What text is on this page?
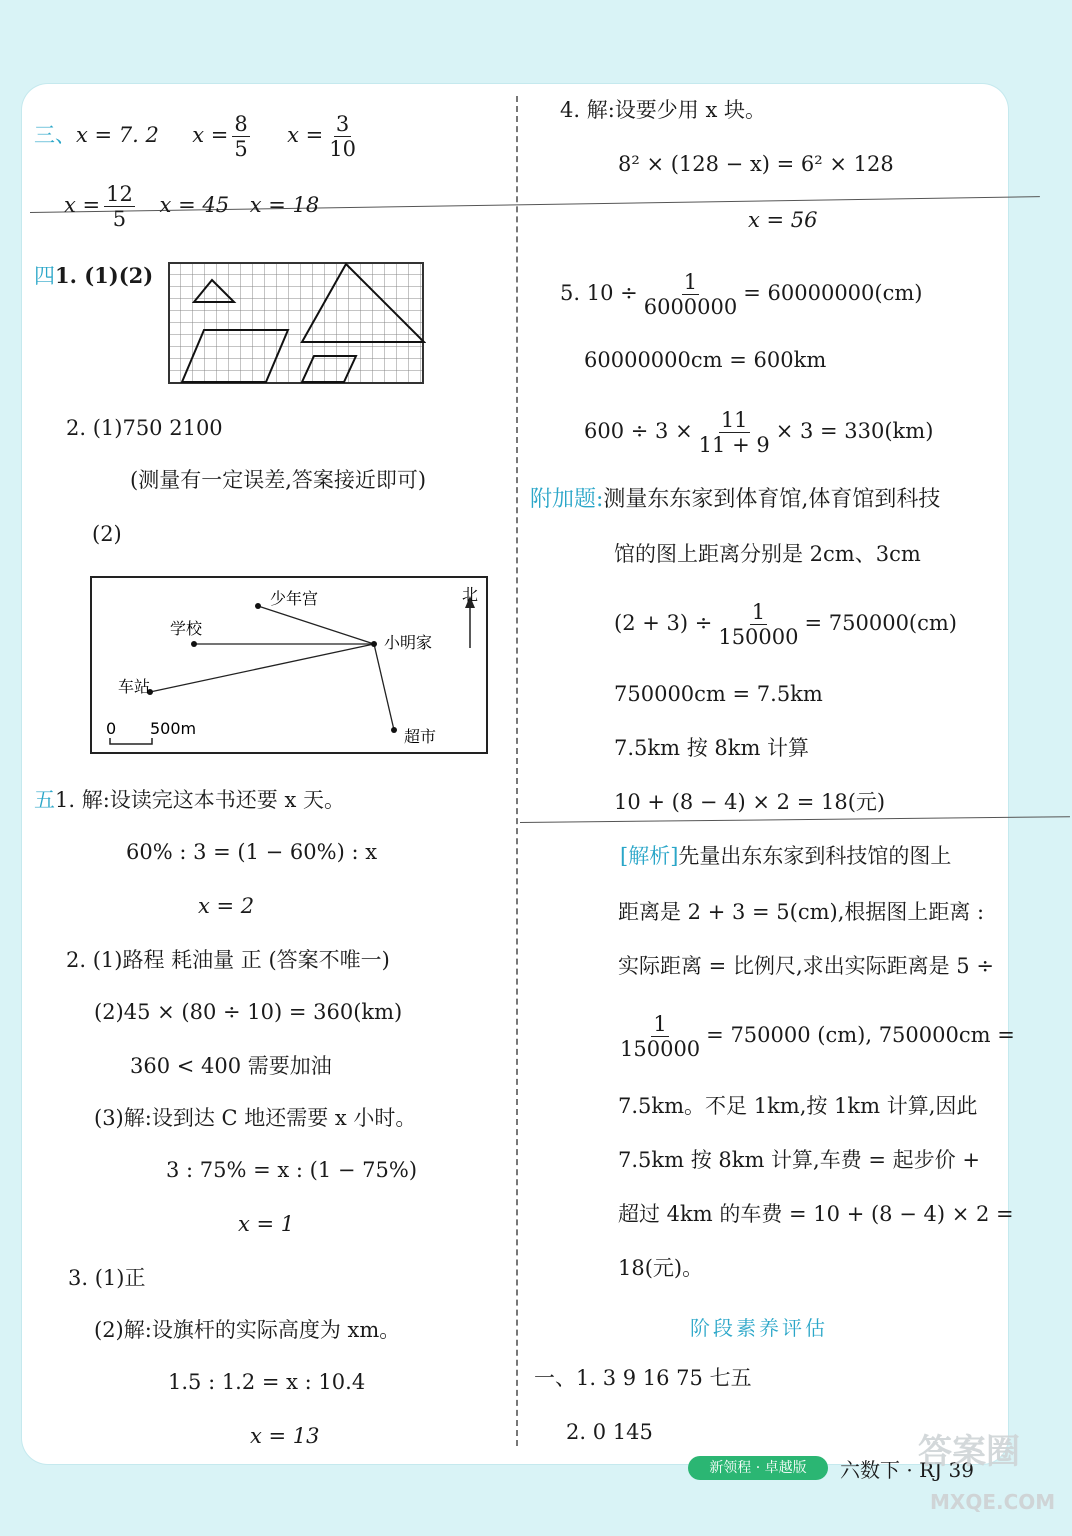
三、x = 7. 2 $x = \frac{8}{5}$ $x = \frac{3}{10}$
$x = \frac{12}{5}$ x = 45 x = 18
四1. (1)(2)
2. (1)750 2100
(测量有一定误差,答案接近即可)
(2)
北
少年宫
学校
小明家
车站
超市
0 500m
五1. 解:设读完这本书还要 x 天。
60% : 3 = (1 − 60%) : x
x = 2
2. (1)路程 耗油量 正 (答案不唯一)
(2)45 × (80 ÷ 10) = 360(km)
360 < 400 需要加油
(3)解:设到达 C 地还需要 x 小时。
3 : 75% = x : (1 − 75%)
x = 1
3. (1)正
(2)解:设旗杆的实际高度为 xm。
1.5 : 1.2 = x : 10.4
x = 13
4. 解:设要少用 x 块。
8² × (128 − x) = 6² × 128
x = 56
5. $10 \div \frac{1}{6000000} = 60000000(cm)$
60000000cm = 600km
$600 \div 3 \times \frac{11}{11 + 9} \times 3 = 330(km)$
附加题:测量东东家到体育馆,体育馆到科技
馆的图上距离分别是 2cm、3cm
$(2 + 3) \div \frac{1}{150000} = 750000(cm)$
750000cm = 7.5km
7.5km 按 8km 计算
10 + (8 − 4) × 2 = 18(元)
[解析]先量出东东家到科技馆的图上
距离是 2 + 3 = 5(cm),根据图上距离 :
实际距离 = 比例尺,求出实际距离是 5 ÷
$\frac{1}{150000} = 750000$ (cm), 750000cm =
7.5km。不足 1km,按 1km 计算,因此
7.5km 按 8km 计算,车费 = 起步价 +
超过 4km 的车费 = 10 + (8 − 4) × 2 =
18(元)。
阶段素养评估
一、1. 3 9 16 75 七五
2. 0 145
新领程 · 卓越版	六数下 · RJ 39
答案圈
MXQE.COM
